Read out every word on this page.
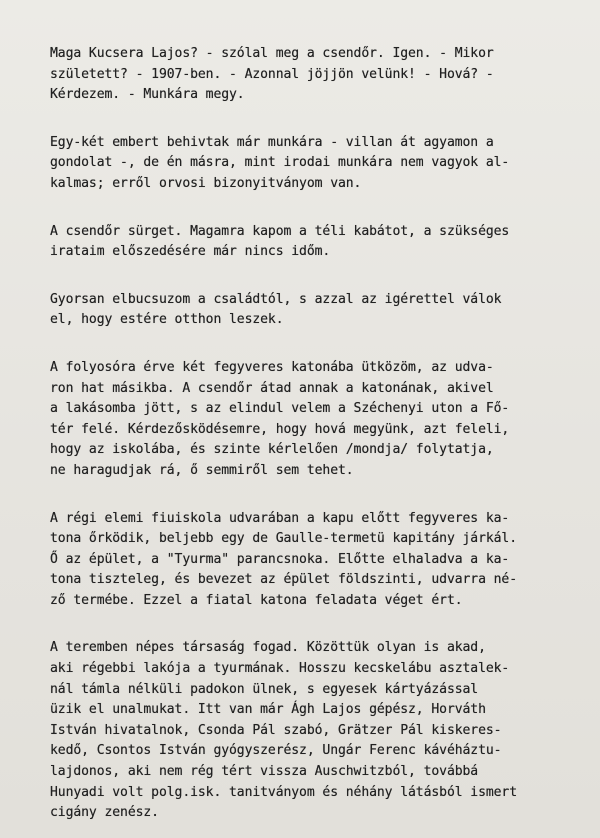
Maga Kucsera Lajos? - szólal meg a csendőr. Igen. - Mikor
született? - 1907-ben. - Azonnal jöjjön velünk! - Hová? -
Kérdezem. - Munkára megy.
Egy-két embert behivtak már munkára - villan át agyamon a
gondolat -, de én másra, mint irodai munkára nem vagyok al-
kalmas; erről orvosi bizonyitványom van.
A csendőr sürget. Magamra kapom a téli kabátot, a szükséges
irataim előszedésére már nincs időm.
Gyorsan elbucsuzom a családtól, s azzal az igérettel válok
el, hogy estére otthon leszek.
A folyosóra érve két fegyveres katonába ütközöm, az udva-
ron hat másikba. A csendőr átad annak a katonának, akivel
a lakásomba jött, s az elindul velem a Széchenyi uton a Fő-
tér felé. Kérdezősködésemre, hogy hová megyünk, azt feleli,
hogy az iskolába, és szinte kérlelően /mondja/ folytatja,
ne haragudjak rá, ő semmiről sem tehet.
A régi elemi fiuiskola udvarában a kapu előtt fegyveres ka-
tona őrködik, beljebb egy de Gaulle-termetü kapitány járkál.
Ő az épület, a "Tyurma" parancsnoka. Előtte elhaladva a ka-
tona tiszteleg, és bevezet az épület földszinti, udvarra né-
ző termébe. Ezzel a fiatal katona feladata véget ért.
A teremben népes társaság fogad. Közöttük olyan is akad,
aki régebbi lakója a tyurmának. Hosszu kecskelábu asztalek-
nál támla nélküli padokon ülnek, s egyesek kártyázással
üzik el unalmukat. Itt van már Ágh Lajos gépész, Horváth
István hivatalnok, Csonda Pál szabó, Grätzer Pál kiskeres-
kedő, Csontos István gyógyszerész, Ungár Ferenc kávéháztu-
lajdonos, aki nem rég tért vissza Auschwitzból, továbbá
Hunyadi volt polg.isk. tanitványom és néhány látásból ismert
cigány zenész.
